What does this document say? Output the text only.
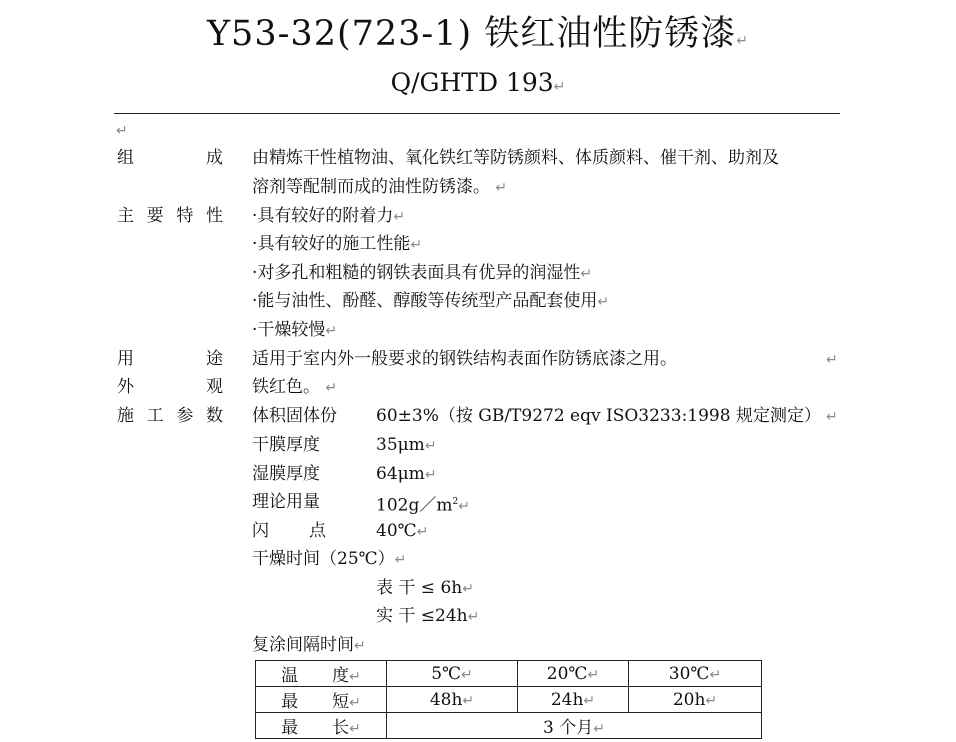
Y53-32(723-1) 铁红油性防锈漆↵
Q/GHTD 193↵
↵
组	成 由精炼干性植物油、氧化铁红等防锈颜料、体质颜料、催干剂、助剂及
溶剂等配制而成的油性防锈漆。 ↵
主 要 特 性 ·具有较好的附着力↵
·具有较好的施工性能↵
·对多孔和粗糙的钢铁表面具有优异的润湿性↵
·能与油性、酚醛、醇酸等传统型产品配套使用↵
·干燥较慢↵
用	途 适用于室内外一般要求的钢铁结构表面作防锈底漆之用。	↵
外	观 铁红色。 ↵
施 工 参 数 体积固体份 60±3%（按 GB/T9272 eqv ISO3233:1998 规定测定） ↵
干膜厚度	35μm↵
湿膜厚度	64μm↵
理论用量	$102g/m^2↵$
闪 点	40℃↵
干燥时间（25℃）↵
表 干 ≤ 6h↵
实 干 ≤24h↵
复涂间隔时间↵
温　　度↵	5℃↵	20℃↵	30℃↵
最　　短↵	48h↵	24h↵	20h↵
最　　长↵	3 个月↵		
